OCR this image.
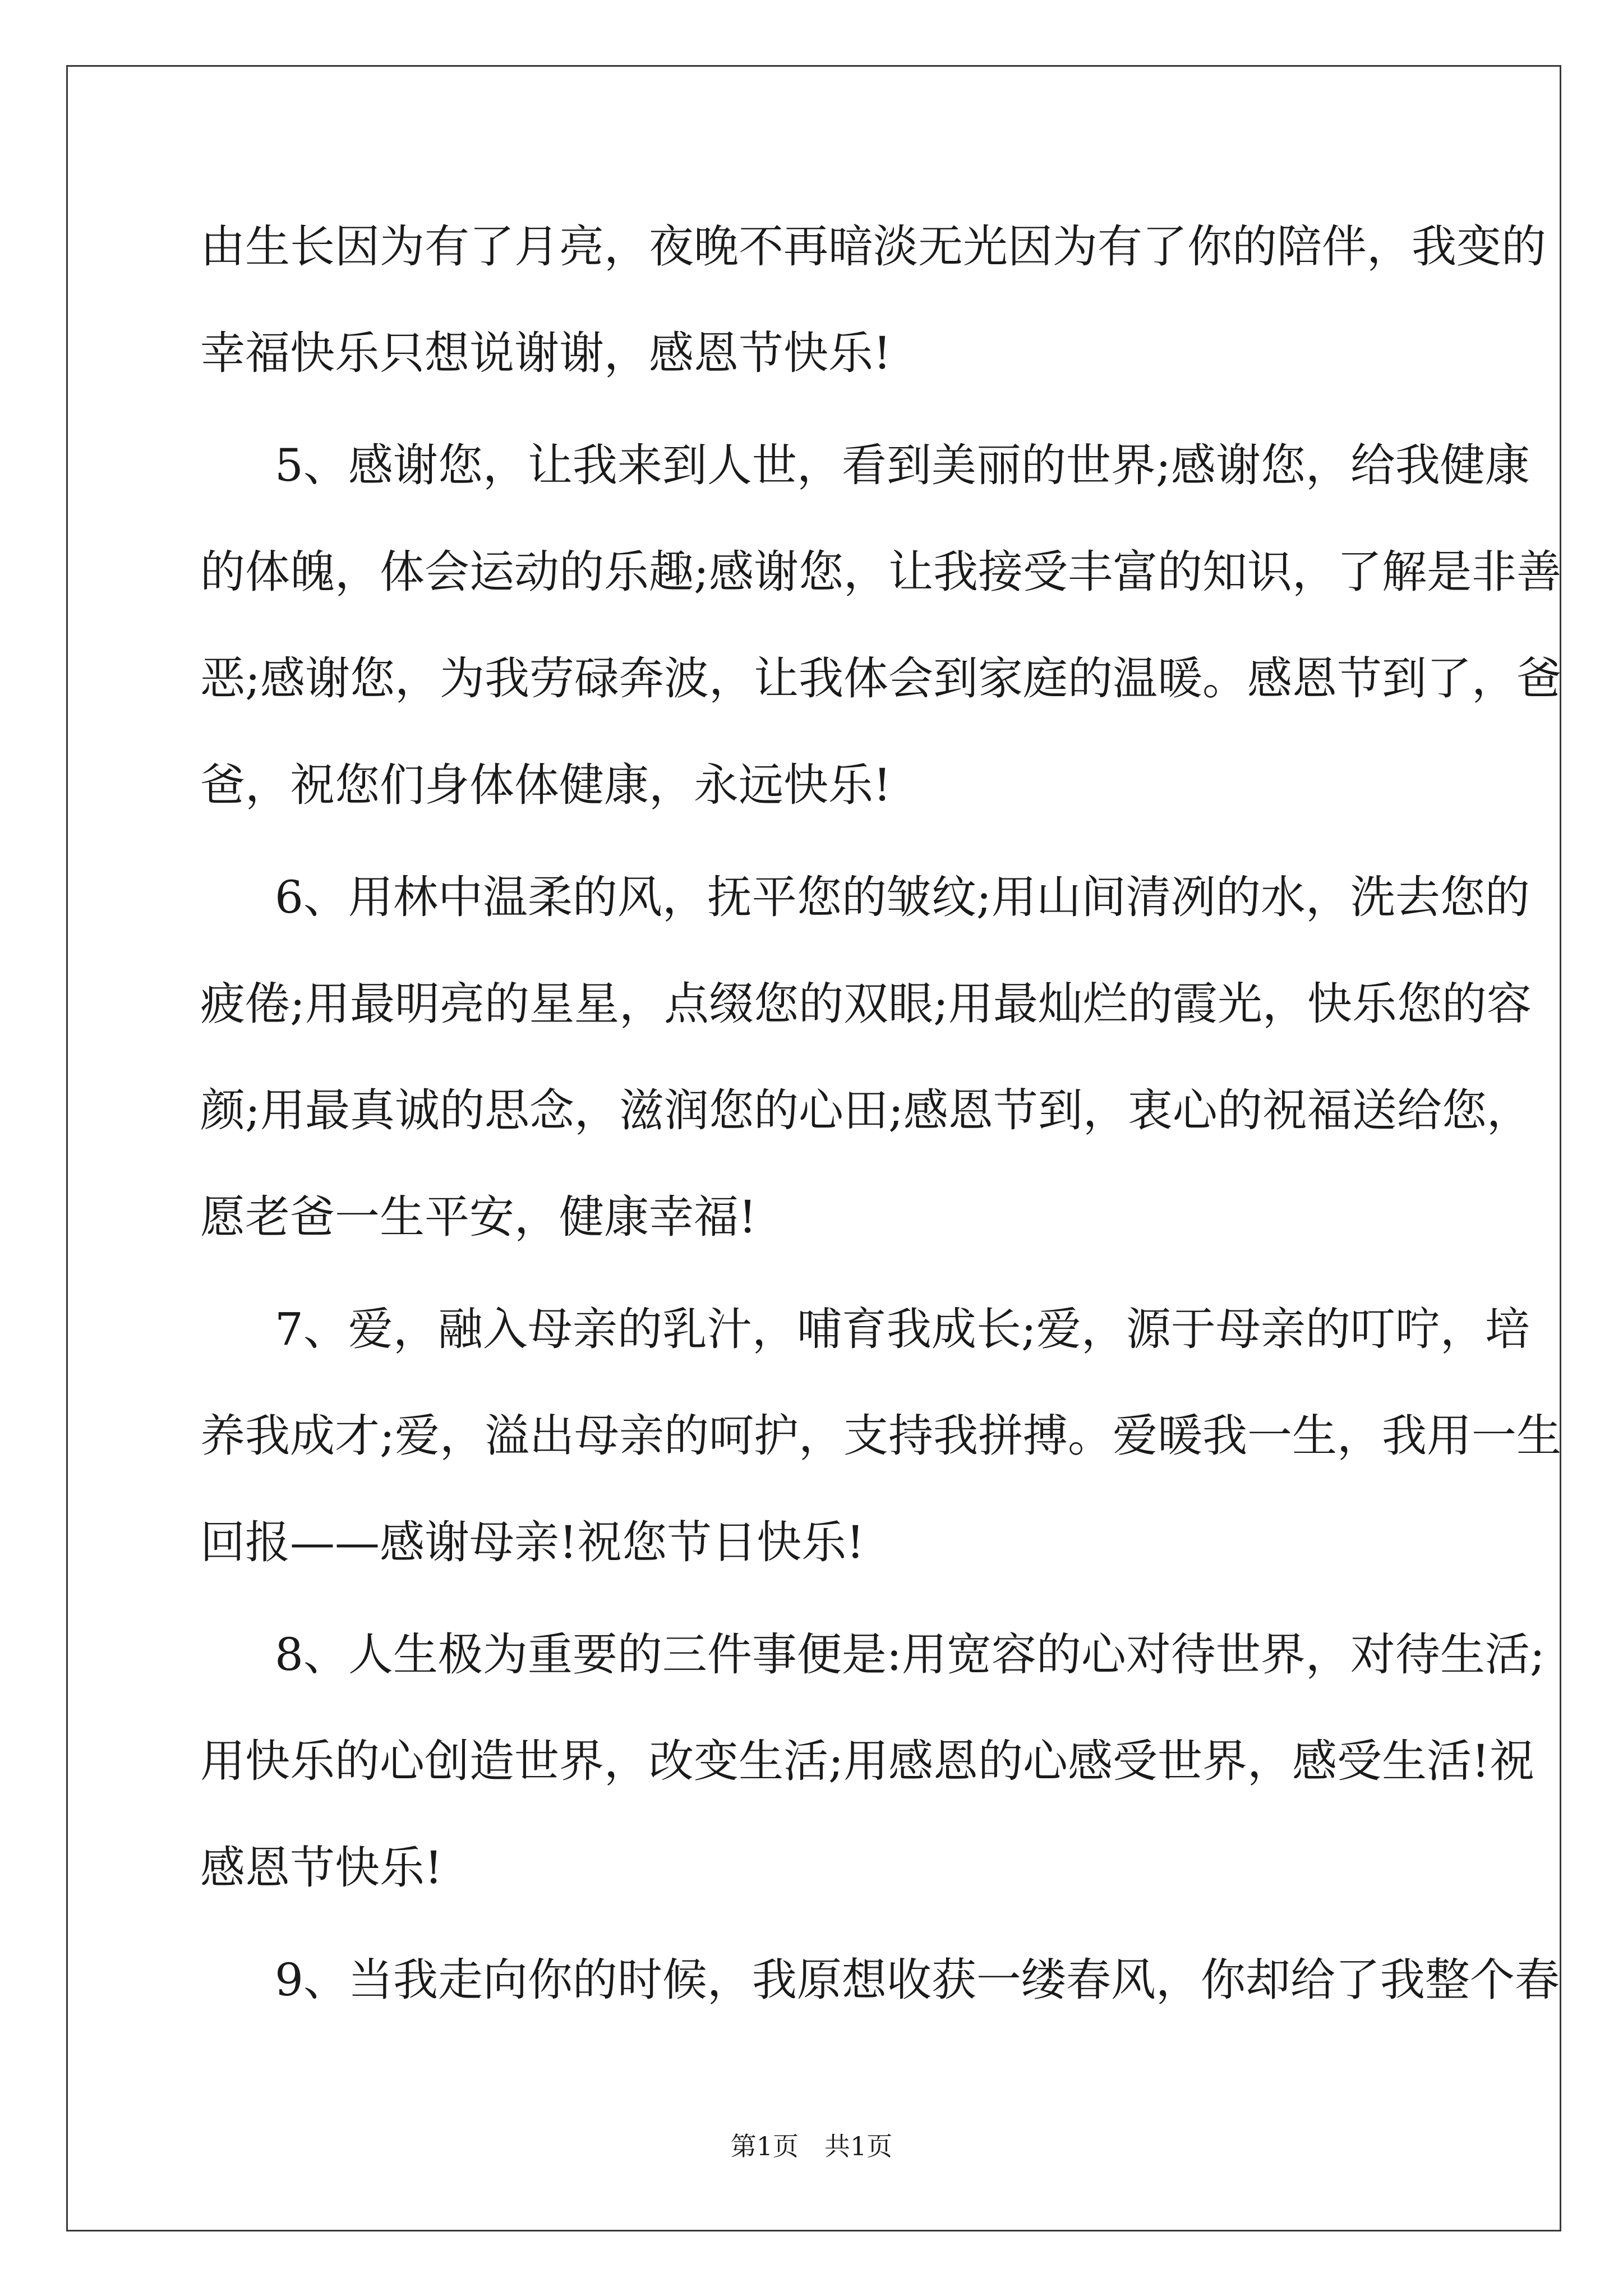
由生长因为有了月亮，夜晚不再暗淡无光因为有了你的陪伴，我变的
幸福快乐只想说谢谢，感恩节快乐!
5、感谢您，让我来到人世，看到美丽的世界;感谢您，给我健康
的体魄，体会运动的乐趣;感谢您，让我接受丰富的知识，了解是非善
恶;感谢您，为我劳碌奔波，让我体会到家庭的温暖。感恩节到了，爸
爸，祝您们身体体健康，永远快乐!
6、用林中温柔的风，抚平您的皱纹;用山间清冽的水，洗去您的
疲倦;用最明亮的星星，点缀您的双眼;用最灿烂的霞光，快乐您的容
颜;用最真诚的思念，滋润您的心田;感恩节到，衷心的祝福送给您，
愿老爸一生平安，健康幸福!
7、爱，融入母亲的乳汁，哺育我成长;爱，源于母亲的叮咛，培
养我成才;爱，溢出母亲的呵护，支持我拼搏。爱暖我一生，我用一生
回报——感谢母亲!祝您节日快乐!
8、人生极为重要的三件事便是:用宽容的心对待世界，对待生活;
用快乐的心创造世界，改变生活;用感恩的心感受世界，感受生活!祝
感恩节快乐!
9、当我走向你的时候，我原想收获一缕春风，你却给了我整个春
第1页　共1页
